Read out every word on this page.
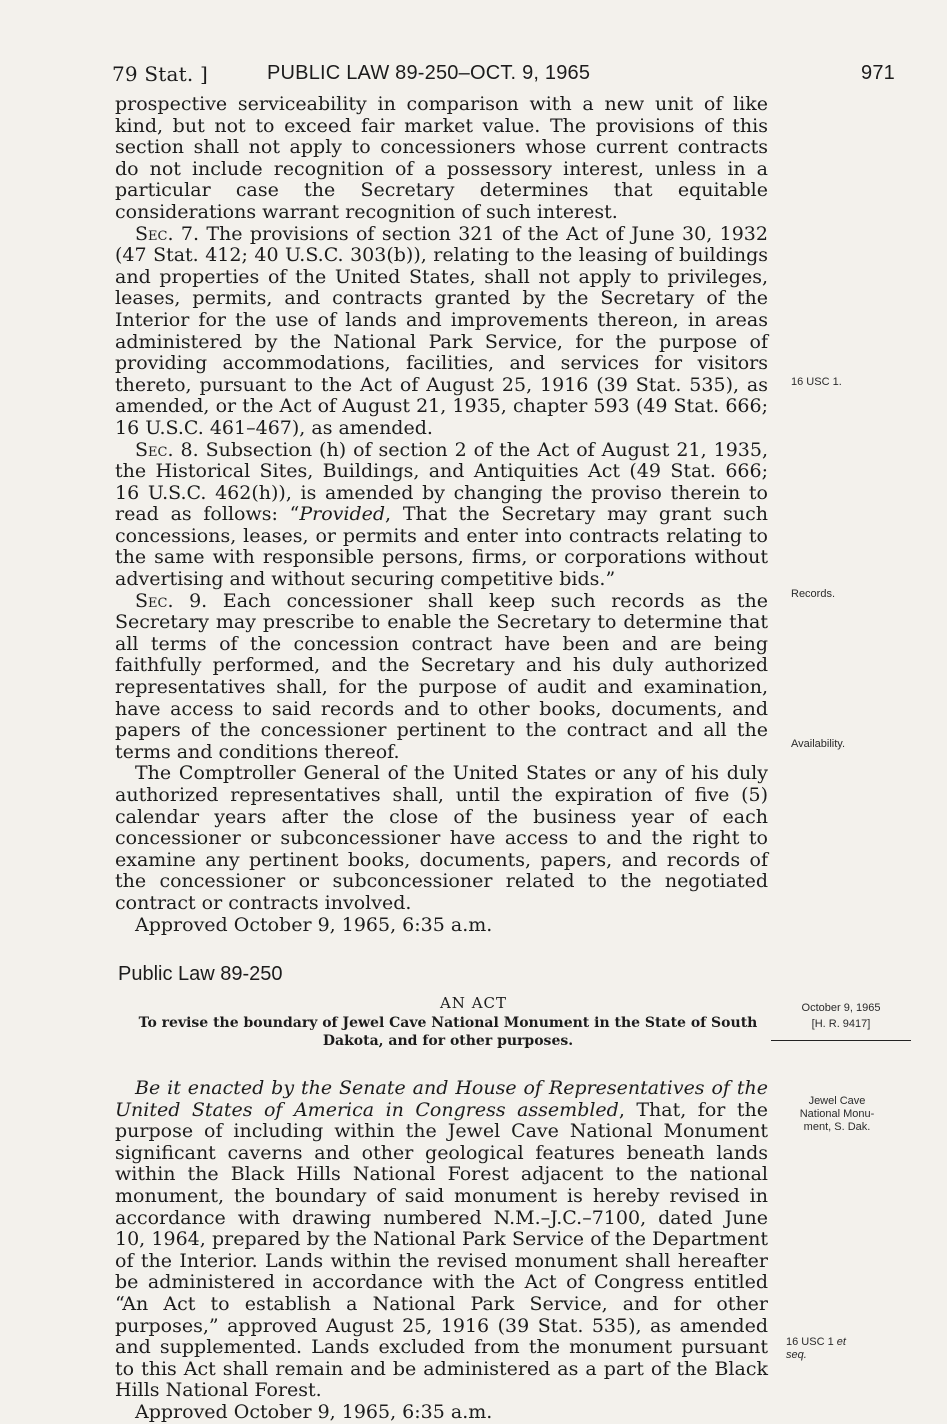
79 Stat. ]	PUBLIC LAW 89-250–OCT. 9, 1965	971

prospective serviceability in comparison with a new unit of like kind, but not to exceed fair market value. The provisions of this section shall not apply to concessioners whose current contracts do not include recognition of a possessory interest, unless in a particular case the Secretary determines that equitable considerations warrant recognition of such interest.

Sec. 7. The provisions of section 321 of the Act of June 30, 1932 (47 Stat. 412; 40 U.S.C. 303(b)), relating to the leasing of buildings and properties of the United States, shall not apply to privileges, leases, permits, and contracts granted by the Secretary of the Interior for the use of lands and improvements thereon, in areas administered by the National Park Service, for the purpose of providing accommodations, facilities, and services for visitors thereto, pursuant to the Act of August 25, 1916 (39 Stat. 535), as amended, or the Act of August 21, 1935, chapter 593 (49 Stat. 666; 16 U.S.C. 461–467), as amended.

Sec. 8. Subsection (h) of section 2 of the Act of August 21, 1935, the Historical Sites, Buildings, and Antiquities Act (49 Stat. 666; 16 U.S.C. 462(h)), is amended by changing the proviso therein to read as follows: “Provided, That the Secretary may grant such concessions, leases, or permits and enter into contracts relating to the same with responsible persons, firms, or corporations without advertising and without securing competitive bids.”

Sec. 9. Each concessioner shall keep such records as the Secretary may prescribe to enable the Secretary to determine that all terms of the concession contract have been and are being faithfully performed, and the Secretary and his duly authorized representatives shall, for the purpose of audit and examination, have access to said records and to other books, documents, and papers of the concessioner pertinent to the contract and all the terms and conditions thereof.

The Comptroller General of the United States or any of his duly authorized representatives shall, until the expiration of five (5) calendar years after the close of the business year of each concessioner or subconcessioner have access to and the right to examine any pertinent books, documents, papers, and records of the concessioner or subconcessioner related to the negotiated contract or contracts involved.

Approved October 9, 1965, 6:35 a.m.

16 USC 1.
Records.
Availability.
Public Law 89-250
AN ACT
To revise the boundary of Jewel Cave National Monument in the State of South Dakota, and for other purposes.
October 9, 1965
[H. R. 9417]

Be it enacted by the Senate and House of Representatives of the United States of America in Congress assembled, That, for the purpose of including within the Jewel Cave National Monument significant caverns and other geological features beneath lands within the Black Hills National Forest adjacent to the national monument, the boundary of said monument is hereby revised in accordance with drawing numbered N.M.–J.C.–7100, dated June 10, 1964, prepared by the National Park Service of the Department of the Interior. Lands within the revised monument shall hereafter be administered in accordance with the Act of Congress entitled “An Act to establish a National Park Service, and for other purposes,” approved August 25, 1916 (39 Stat. 535), as amended and supplemented. Lands excluded from the monument pursuant to this Act shall remain and be administered as a part of the Black Hills National Forest.

Approved October 9, 1965, 6:35 a.m.

Jewel Cave
National Monu-
ment, S. Dak.
16 USC 1 et
seq.
